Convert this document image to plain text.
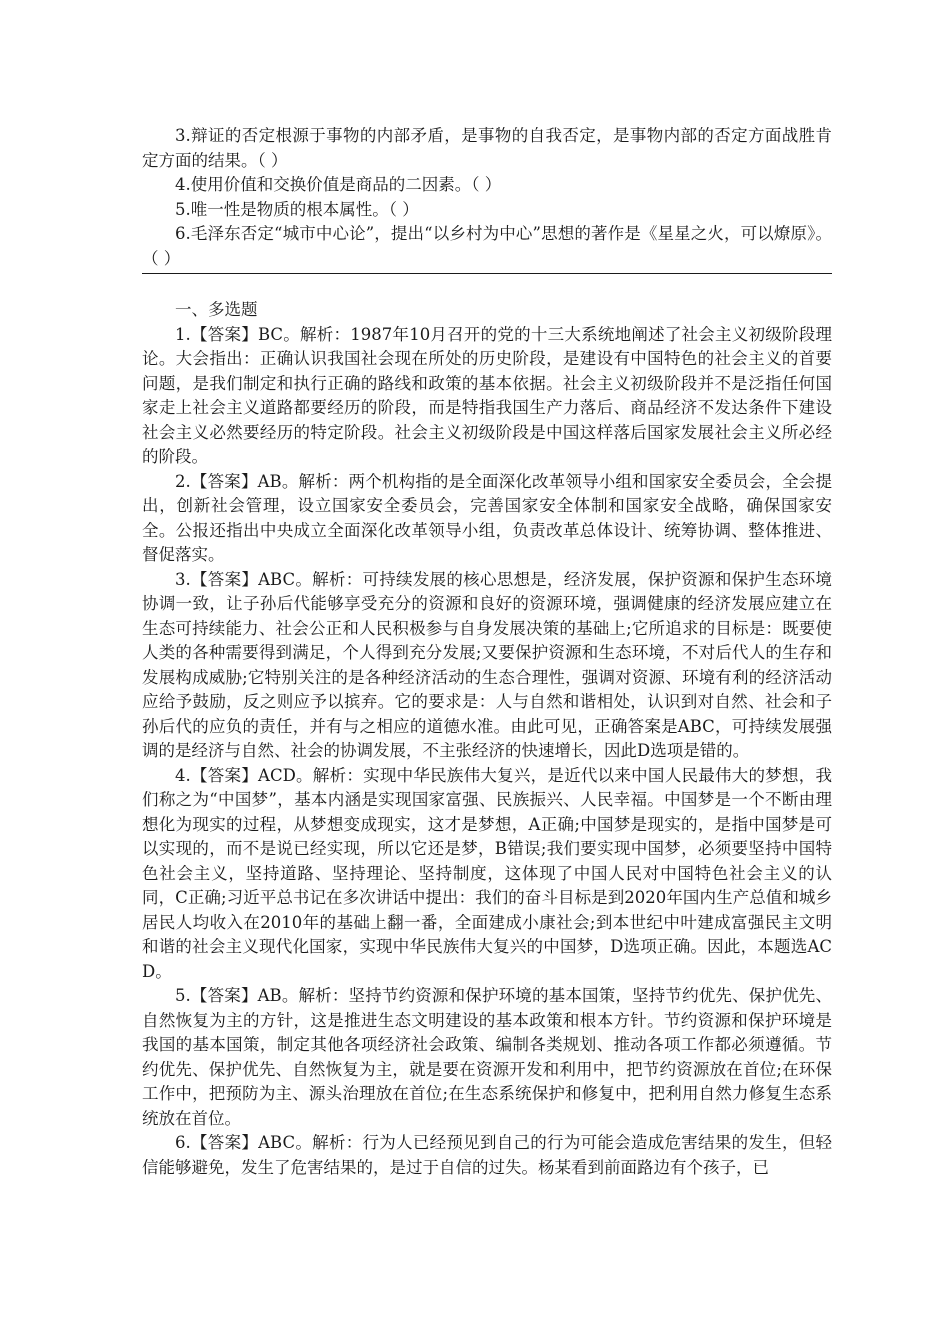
3.辩证的否定根源于事物的内部矛盾，是事物的自我否定，是事物内部的否定方面战胜肯定方面的结果。（ ）

4.使用价值和交换价值是商品的二因素。（ ）

5.唯一性是物质的根本属性。（ ）

6.毛泽东否定“城市中心论”，提出“以乡村为中心”思想的著作是《星星之火，可以燎原》。（ ）

一、多选题

1.【答案】BC。解析：1987年10月召开的党的十三大系统地阐述了社会主义初级阶段理论。大会指出：正确认识我国社会现在所处的历史阶段，是建设有中国特色的社会主义的首要问题，是我们制定和执行正确的路线和政策的基本依据。社会主义初级阶段并不是泛指任何国家走上社会主义道路都要经历的阶段，而是特指我国生产力落后、商品经济不发达条件下建设社会主义必然要经历的特定阶段。社会主义初级阶段是中国这样落后国家发展社会主义所必经的阶段。

2.【答案】AB。解析：两个机构指的是全面深化改革领导小组和国家安全委员会，全会提出，创新社会管理，设立国家安全委员会，完善国家安全体制和国家安全战略，确保国家安全。公报还指出中央成立全面深化改革领导小组，负责改革总体设计、统筹协调、整体推进、督促落实。

3.【答案】ABC。解析：可持续发展的核心思想是，经济发展，保护资源和保护生态环境协调一致，让子孙后代能够享受充分的资源和良好的资源环境，强调健康的经济发展应建立在生态可持续能力、社会公正和人民积极参与自身发展决策的基础上;它所追求的目标是：既要使人类的各种需要得到满足，个人得到充分发展;又要保护资源和生态环境，不对后代人的生存和发展构成威胁;它特别关注的是各种经济活动的生态合理性，强调对资源、环境有利的经济活动应给予鼓励，反之则应予以摈弃。它的要求是：人与自然和谐相处，认识到对自然、社会和子孙后代的应负的责任，并有与之相应的道德水准。由此可见，正确答案是ABC，可持续发展强调的是经济与自然、社会的协调发展，不主张经济的快速增长，因此D选项是错的。

4.【答案】ACD。解析：实现中华民族伟大复兴，是近代以来中国人民最伟大的梦想，我们称之为“中国梦”，基本内涵是实现国家富强、民族振兴、人民幸福。中国梦是一个不断由理想化为现实的过程，从梦想变成现实，这才是梦想，A正确;中国梦是现实的，是指中国梦是可以实现的，而不是说已经实现，所以它还是梦，B错误;我们要实现中国梦，必须要坚持中国特色社会主义，坚持道路、坚持理论、坚持制度，这体现了中国人民对中国特色社会主义的认同，C正确;习近平总书记在多次讲话中提出：我们的奋斗目标是到2020年国内生产总值和城乡居民人均收入在2010年的基础上翻一番，全面建成小康社会;到本世纪中叶建成富强民主文明和谐的社会主义现代化国家，实现中华民族伟大复兴的中国梦，D选项正确。因此，本题选ACD。

5.【答案】AB。解析：坚持节约资源和保护环境的基本国策，坚持节约优先、保护优先、自然恢复为主的方针，这是推进生态文明建设的基本政策和根本方针。节约资源和保护环境是我国的基本国策，制定其他各项经济社会政策、编制各类规划、推动各项工作都必须遵循。节约优先、保护优先、自然恢复为主，就是要在资源开发和利用中，把节约资源放在首位;在环保工作中，把预防为主、源头治理放在首位;在生态系统保护和修复中，把利用自然力修复生态系统放在首位。

6.【答案】ABC。解析：行为人已经预见到自己的行为可能会造成危害结果的发生，但轻信能够避免，发生了危害结果的，是过于自信的过失。杨某看到前面路边有个孩子，已
